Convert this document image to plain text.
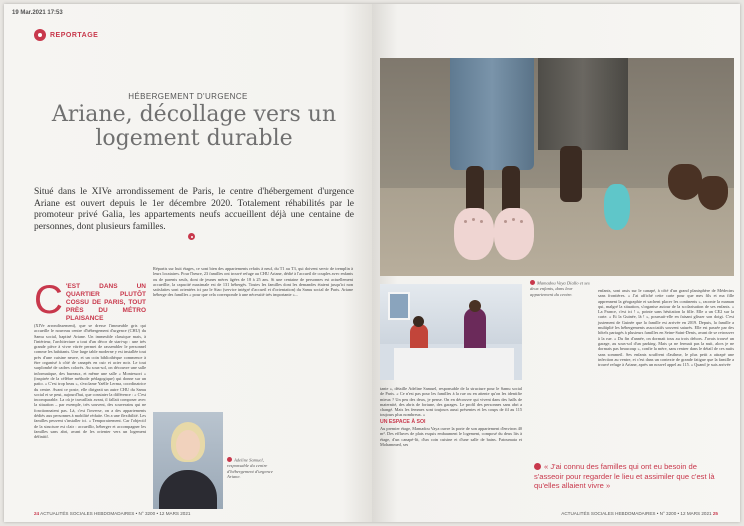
19 Mar.2021 17:53
REPORTAGE
HÉBERGEMENT D'URGENCE
Ariane, décollage vers un logement durable

Situé dans le XIVe arrondissement de Paris, le centre d'hébergement d'urgence Ariane est ouvert depuis le 1er décembre 2020. Totalement réhabilités par le promoteur privé Galia, les appartements neufs accueillent déjà une centaine de personnes, dont plusieurs familles.

C 'EST DANS UN QUARTIER PLUTÔT COSSU DE PARIS, TOUT PRÈS DU MÉTRO PLAISANCE
(XIVe arrondissement), que se dresse l'immeuble gris qui accueille le nouveau centre d'hébergement d'urgence (CHU) du Samu social, baptisé Ariane. Un immeuble classique mais, à l'intérieur, l'architecture a tout d'un décor de start-up : une très grande pièce à vivre vitrée permet de rassembler le personnel comme les habitants. Une large table moderne y est installée tout près d'une cuisine neuve, et un coin bibliothèque commence à être organisé à côté de canapés en cuir et acier noir. Le tout surplombé de cadres colorés. Au sous-sol, on découvre une salle informatique, des bureaux, et même une salle « Montessori » (inspirée de la célèbre méthode pédagogique) qui donne sur un patio. « C'est trop beau », s'exclame Yaëlle Lerma, coordinatrice du centre. Avant ce poste, elle dirigeait un autre CHU du Samu social et se peut, aujourd'hui, que constater la différence : « C'est incomparable. La où je travaillais avant, il fallait composer avec la situation – par exemple, très souvent, des souverains qui ne fonctionnaient pas. Là, c'est l'inverse, on a des appartements dédiés aux personnes à mobilité réduite. On a une flexibilité. Les familles peuvent s'installer ici. » Temporairement. Car l'objectif de la structure est clair : accueillir, héberger et accompagner les familles sans abri, avant de les orienter vers un logement définitif.
Répartis sur huit étages, ce sont bien des appartements refaits à neuf, du T1 au T3, qui doivent servir de tremplin à leurs locataires. Pour l'heure, 23 familles ont trouvé refuge au CHU Ariane, dédié à l'accueil de couples avec enfants ou de parents seuls, dont de jeunes mères âgées de 18 à 25 ans. Si une centaine de personnes est actuellement accueillie, la capacité maximale est de 131 hébergés. Toutes les familles dont les demandes étaient jusqu'ici non satisfaites sont orientées ici par le Siao (service intégré d'accueil et d'orientation) du Samu social de Paris. Ariane héberge des familles « pour que cela corresponde à une nécessité très importante »...
Adeline Samuel, responsable du centre d'hébergement d'urgence Ariane.
24 ACTUALITÉS SOCIALES HEBDOMADAIRES • N° 3200 • 12 MARS 2021
Mamadou Vaya Diallo et ses deux enfants, dans leur appartement du centre.
tante », détaille Adeline Samuel, responsable de la structure pour le Samu social de Paris. « Ce n'est pas pour les familles à la rue ou en attente qu'on les identifie mieux ? Un peu des deux, je pense. On en découvre qui vivent dans des halls de maternité, des abris de fortune, des garages. Le profil des personnes sans abri a changé. Mais les femmes sont toujours aussi présentes et les coups de fil au 115 toujours plus nombreux. »
UN ESPACE À SOI
Au premier étage, Mamadou Vaya ouvre la porte de son appartement d'environ 40 m². Des effluves de plats exquis embaument le logement, composé du deux lits à étage, d'un canapé-lit, d'un coin cuisine et d'une salle de bains. Fatoumata et Mohammed, ses
enfants, sont assis sur le canapé, à côté d'un grand planisphère de Médecins sans frontières. « J'ai affiché cette carte pour que mes fils et ma fille apprennent la géographie et sachent placer les continents », raconte la maman qui, malgré la situation, s'organise autour de la scolarisation de ses enfants. « La France, c'est ici ! », pointe sans hésitation la fille. Elle a un CE2 sur la carte. « Et la Guinée, là ! », poursuit-elle en faisant glisser son doigt. C'est justement de Guinée que la famille est arrivée en 2019. Depuis, la famille a multiplié les hébergements associatifs souvent saturés. Elle est passée par des hôtels partagés à plusieurs familles en Seine-Saint-Denis, avant de se retrouver à la rue. « Du fin d'année, on dormait tous au trois dehors. J'avais trouvé un garage, au sous-sol d'un parking. Mais ça ne fermait pas la nuit, alors je ne dormais pas beaucoup », confie la mère, sans rentrer dans le détail de ces nuits sans sommeil. Ses enfants souffrent d'asthme, le plus petit a attrapé une infection au ventre, et c'est dans un contexte de grande fatigue que la famille a trouvé refuge à Ariane, après un nouvel appel au 115. « Quand je suis arrivée
« J'ai connu des familles qui ont eu besoin de s'asseoir pour regarder le lieu et assimiler que c'est là qu'elles allaient vivre »
ACTUALITÉS SOCIALES HEBDOMADAIRES • N° 3200 • 12 MARS 2021 25
